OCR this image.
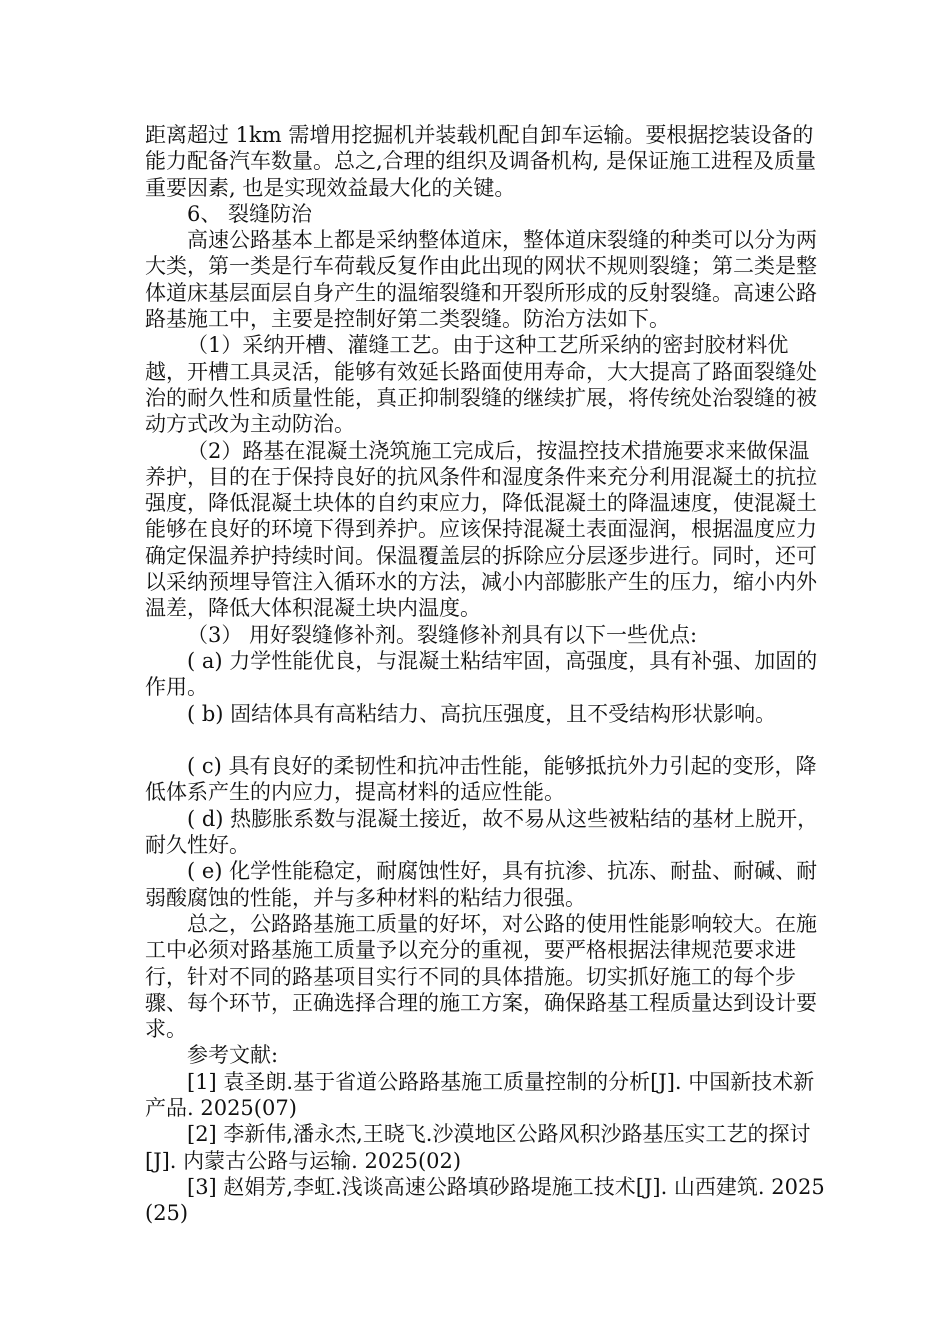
距离超过 1km 需增用挖掘机并装载机配自卸车运输。要根据挖装设备的能力配备汽车数量。总之,合理的组织及调备机构, 是保证施工进程及质量重要因素, 也是实现效益最大化的关键。

6、 裂缝防治

高速公路基本上都是采纳整体道床，整体道床裂缝的种类可以分为两大类，第一类是行车荷载反复作由此出现的网状不规则裂缝；第二类是整体道床基层面层自身产生的温缩裂缝和开裂所形成的反射裂缝。高速公路路基施工中，主要是控制好第二类裂缝。防治方法如下。

（1）采纳开槽、灌缝工艺。由于这种工艺所采纳的密封胶材料优越，开槽工具灵活，能够有效延长路面使用寿命，大大提高了路面裂缝处治的耐久性和质量性能，真正抑制裂缝的继续扩展，将传统处治裂缝的被动方式改为主动防治。

（2）路基在混凝土浇筑施工完成后，按温控技术措施要求来做保温养护，目的在于保持良好的抗风条件和湿度条件来充分利用混凝土的抗拉强度，降低混凝土块体的自约束应力，降低混凝土的降温速度，使混凝土能够在良好的环境下得到养护。应该保持混凝土表面湿润，根据温度应力确定保温养护持续时间。保温覆盖层的拆除应分层逐步进行。同时，还可以采纳预埋导管注入循环水的方法，减小内部膨胀产生的压力，缩小内外温差，降低大体积混凝土块内温度。

（3） 用好裂缝修补剂。裂缝修补剂具有以下一些优点:

( a) 力学性能优良，与混凝土粘结牢固，高强度，具有补强、加固的作用。

( b) 固结体具有高粘结力、高抗压强度，且不受结构形状影响。

( c) 具有良好的柔韧性和抗冲击性能，能够抵抗外力引起的变形，降低体系产生的内应力，提高材料的适应性能。

( d) 热膨胀系数与混凝土接近，故不易从这些被粘结的基材上脱开，耐久性好。

( e) 化学性能稳定，耐腐蚀性好，具有抗渗、抗冻、耐盐、耐碱、耐弱酸腐蚀的性能，并与多种材料的粘结力很强。

总之，公路路基施工质量的好坏，对公路的使用性能影响较大。在施工中必须对路基施工质量予以充分的重视，要严格根据法律规范要求进行，针对不同的路基项目实行不同的具体措施。切实抓好施工的每个步骤、每个环节，正确选择合理的施工方案，确保路基工程质量达到设计要求。

参考文献:

[1] 袁圣朗.基于省道公路路基施工质量控制的分析[J]. 中国新技术新产品. 2025(07)

[2] 李新伟,潘永杰,王晓飞.沙漠地区公路风积沙路基压实工艺的探讨[J]. 内蒙古公路与运输. 2025(02)

[3] 赵娟芳,李虹.浅谈高速公路填砂路堤施工技术[J]. 山西建筑. 2025(25)
